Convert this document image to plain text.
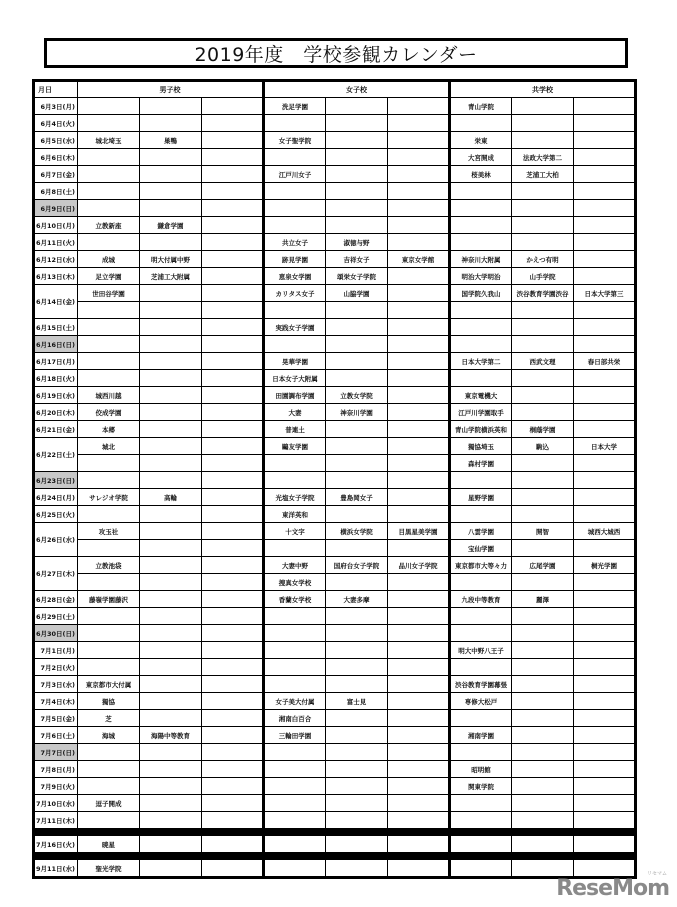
2019年度　学校参観カレンダー
月日	男子校			女子校			共学校		
6月3日(月)				洗足学園			青山学院		
6月4日(火)									
6月5日(水)	城北埼玉	巣鴨		女子聖学院			栄東		
6月6日(木)							大宮開成	法政大学第二	
6月7日(金)				江戸川女子			桜美林	芝浦工大柏	
6月8日(土)									
6月9日(日)									
6月10日(月)	立教新座	鎌倉学園							
6月11日(火)				共立女子	淑徳与野				
6月12日(水)	成城	明大付属中野		跡見学園	吉祥女子	東京女学館	神奈川大附属	かえつ有明	
6月13日(木)	足立学園	芝浦工大附属		恵泉女学園	頌栄女子学院		明治大学明治	山手学院	
6月14日(金)	世田谷学園			カリタス女子	山脇学園		国学院久我山	渋谷教育学園渋谷	日本大学第三

6月15日(土)				実践女子学園					
6月16日(日)									
6月17日(月)				晃華学園			日本大学第二	西武文理	春日部共栄
6月18日(火)				日本女子大附属					
6月19日(水)	城西川越			田園調布学園	立教女学院		東京電機大		
6月20日(木)	佼成学園			大妻	神奈川学園		江戸川学園取手		
6月21日(金)	本郷			普連土			青山学院横浜英和	桐蔭学園	
6月22日(土)	城北			鷗友学園			獨協埼玉	駒込	日本大学
							森村学園		
6月23日(日)									
6月24日(月)	サレジオ学院	高輪		光塩女子学院	豊島岡女子		星野学園		
6月25日(火)				東洋英和					
6月26日(水)	攻玉社			十文字	横浜女学院	目黒星美学園	八雲学園	開智	城西大城西
							宝仙学園		
6月27日(木)	立教池袋			大妻中野	国府台女子学院	品川女子学院	東京都市大等々力	広尾学園	桐光学園
				捜真女学校					
6月28日(金)	藤嶺学園藤沢			香蘭女学校	大妻多摩		九段中等教育	麗澤	
6月29日(土)									
6月30日(日)									
7月1日(月)							明大中野八王子		
7月2日(火)									
7月3日(水)	東京都市大付属						渋谷教育学園幕張		
7月4日(木)	獨協			女子美大付属	富士見		専修大松戸		
7月5日(金)	芝			湘南白百合					
7月6日(土)	海城	海陽中等教育		三輪田学園			湘南学園		
7月7日(日)									
7月8日(月)							昭明館		
7月9日(火)							関東学院		
7月10日(水)	逗子開成								
7月11日(木)									

7月16日(火)	暁星								

9月11日(水)	聖光学院								
リセマム
ReseMom
